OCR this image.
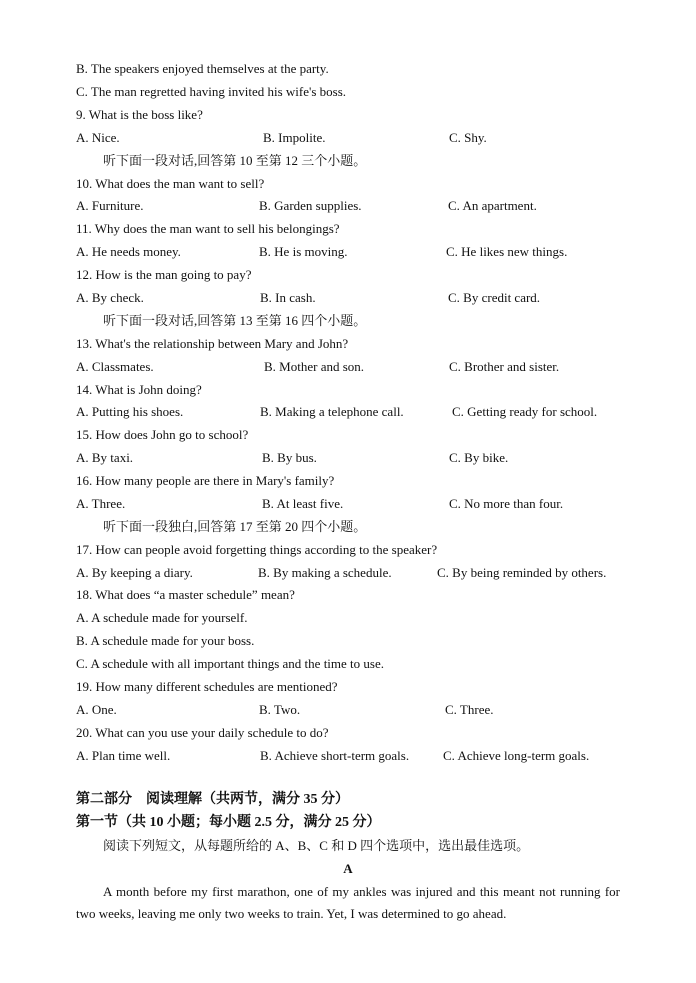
B. The speakers enjoyed themselves at the party.
C. The man regretted having invited his wife's boss.
9. What is the boss like?
A. Nice.	B. Impolite.	C. Shy.
听下面一段对话,回答第 10 至第 12 三个小题。
10. What does the man want to sell?
A. Furniture.	B. Garden supplies.	C. An apartment.
11. Why does the man want to sell his belongings?
A. He needs money.	B. He is moving.	C. He likes new things.
12. How is the man going to pay?
A. By check.	B. In cash.	C. By credit card.
听下面一段对话,回答第 13 至第 16 四个小题。
13. What's the relationship between Mary and John?
A. Classmates.	B. Mother and son.	C. Brother and sister.
14. What is John doing?
A. Putting his shoes.	B. Making a telephone call.	C. Getting ready for school.
15. How does John go to school?
A. By taxi.	B. By bus.	C. By bike.
16. How many people are there in Mary's family?
A. Three.	B. At least five.	C. No more than four.
听下面一段独白,回答第 17 至第 20 四个小题。
17. How can people avoid forgetting things according to the speaker?
A. By keeping a diary.	B. By making a schedule.	C. By being reminded by others.
18. What does “a master schedule” mean?
A. A schedule made for yourself.
B. A schedule made for your boss.
C. A schedule with all important things and the time to use.
19. How many different schedules are mentioned?
A. One.	B. Two.	C. Three.
20. What can you use your daily schedule to do?
A. Plan time well.	B. Achieve short-term goals.	C. Achieve long-term goals.
第二部分　阅读理解（共两节，满分 35 分）
第一节（共 10 小题；每小题 2.5 分，满分 25 分）
阅读下列短文，从每题所给的 A、B、C 和 D 四个选项中，选出最佳选项。
A
A month before my first marathon, one of my ankles was injured and this meant not running for two weeks, leaving me only two weeks to train. Yet, I was determined to go ahead.
